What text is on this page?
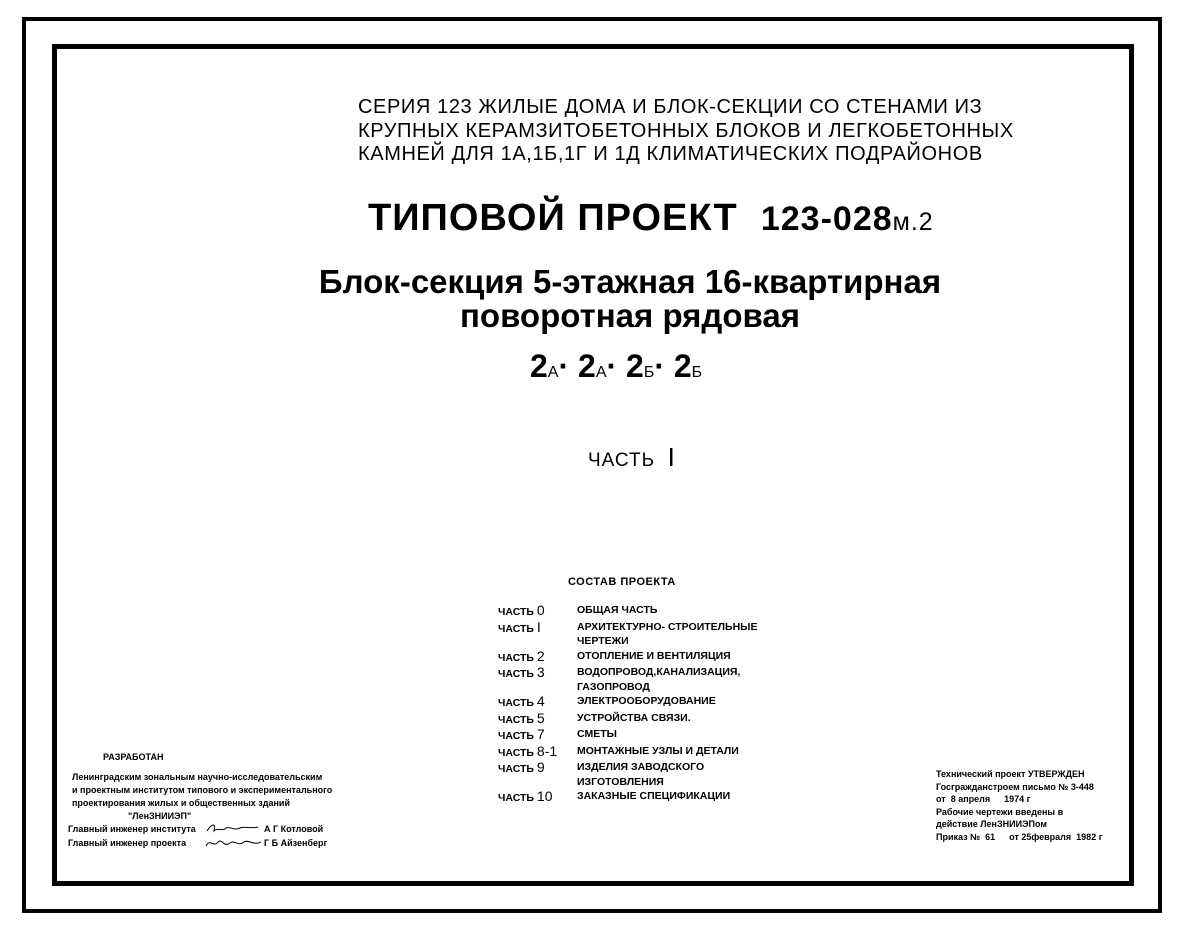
СЕРИЯ 123 ЖИЛЫЕ ДОМА И БЛОК-СЕКЦИИ СО СТЕНАМИ ИЗ
КРУПНЫХ КЕРАМЗИТОБЕТОННЫХ БЛОКОВ И ЛЕГКОБЕТОННЫХ
КАМНЕЙ ДЛЯ 1А,1Б,1Г И 1Д КЛИМАТИЧЕСКИХ ПОДРАЙОНОВ
ТИПОВОЙ ПРОЕКТ 123-028м.2
Блок-секция 5-этажная 16-квартирная
поворотная рядовая
2А· 2А· 2Б· 2Б
ЧАСТЬ I
СОСТАВ ПРОЕКТА
ЧАСТЬ 0	ОБЩАЯ ЧАСТЬ
ЧАСТЬ I	АРХИТЕКТУРНО- СТРОИТЕЛЬНЫЕ
ЧЕРТЕЖИ
ЧАСТЬ 2	ОТОПЛЕНИЕ И ВЕНТИЛЯЦИЯ
ЧАСТЬ 3	ВОДОПРОВОД,КАНАЛИЗАЦИЯ,
ГАЗОПРОВОД
ЧАСТЬ 4	ЭЛЕКТРООБОРУДОВАНИЕ
ЧАСТЬ 5	УСТРОЙСТВА СВЯЗИ.
ЧАСТЬ 7	СМЕТЫ
ЧАСТЬ 8-1	МОНТАЖНЫЕ УЗЛЫ И ДЕТАЛИ
ЧАСТЬ 9	ИЗДЕЛИЯ ЗАВОДСКОГО ИЗГОТОВЛЕНИЯ
ЧАСТЬ 10	ЗАКАЗНЫЕ СПЕЦИФИКАЦИИ
РАЗРАБОТАН
Ленинградским зональным научно-исследовательским
и проектным институтом типового и экспериментального
проектирования жилых и общественных зданий
"ЛенЗНИИЭП"
Главный инженер института	А Г Котловой
Главный инженер проекта	Г Б Айзенберг
Технический проект УТВЕРЖДЕН
Госгражданстроем письмо № 3-448
от 8 апреля 1974 г
Рабочие чертежи введены в
действие ЛенЗНИИЭПом
Приказ № 61 от 25февраля 1982 г
